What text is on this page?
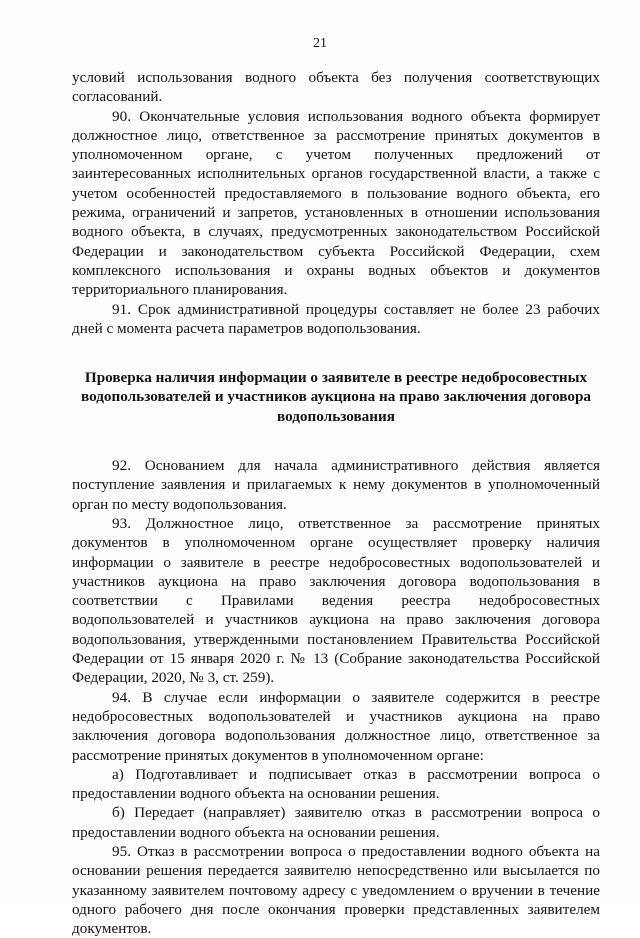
21

условий использования водного объекта без получения соответствующих согласований.

90. Окончательные условия использования водного объекта формирует должностное лицо, ответственное за рассмотрение принятых документов в уполномоченном органе, с учетом полученных предложений от заинтересованных исполнительных органов государственной власти, а также с учетом особенностей предоставляемого в пользование водного объекта, его режима, ограничений и запретов, установленных в отношении использования водного объекта, в случаях, предусмотренных законодательством Российской Федерации и законодательством субъекта Российской Федерации, схем комплексного использования и охраны водных объектов и документов территориального планирования.

91. Срок административной процедуры составляет не более 23 рабочих дней с момента расчета параметров водопользования.

Проверка наличия информации о заявителе в реестре недобросовестных водопользователей и участников аукциона на право заключения договора водопользования

92. Основанием для начала административного действия является поступление заявления и прилагаемых к нему документов в уполномоченный орган по месту водопользования.

93. Должностное лицо, ответственное за рассмотрение принятых документов в уполномоченном органе осуществляет проверку наличия информации о заявителе в реестре недобросовестных водопользователей и участников аукциона на право заключения договора водопользования в соответствии с Правилами ведения реестра недобросовестных водопользователей и участников аукциона на право заключения договора водопользования, утвержденными постановлением Правительства Российской Федерации от 15 января 2020 г. № 13 (Собрание законодательства Российской Федерации, 2020, № 3, ст. 259).

94. В случае если информации о заявителе содержится в реестре недобросовестных водопользователей и участников аукциона на право заключения договора водопользования должностное лицо, ответственное за рассмотрение принятых документов в уполномоченном органе:

а) Подготавливает и подписывает отказ в рассмотрении вопроса о предоставлении водного объекта на основании решения.

б) Передает (направляет) заявителю отказ в рассмотрении вопроса о предоставлении водного объекта на основании решения.

95. Отказ в рассмотрении вопроса о предоставлении водного объекта на основании решения передается заявителю непосредственно или высылается по указанному заявителем почтовому адресу с уведомлением о вручении в течение одного рабочего дня после окончания проверки представленных заявителем документов.
